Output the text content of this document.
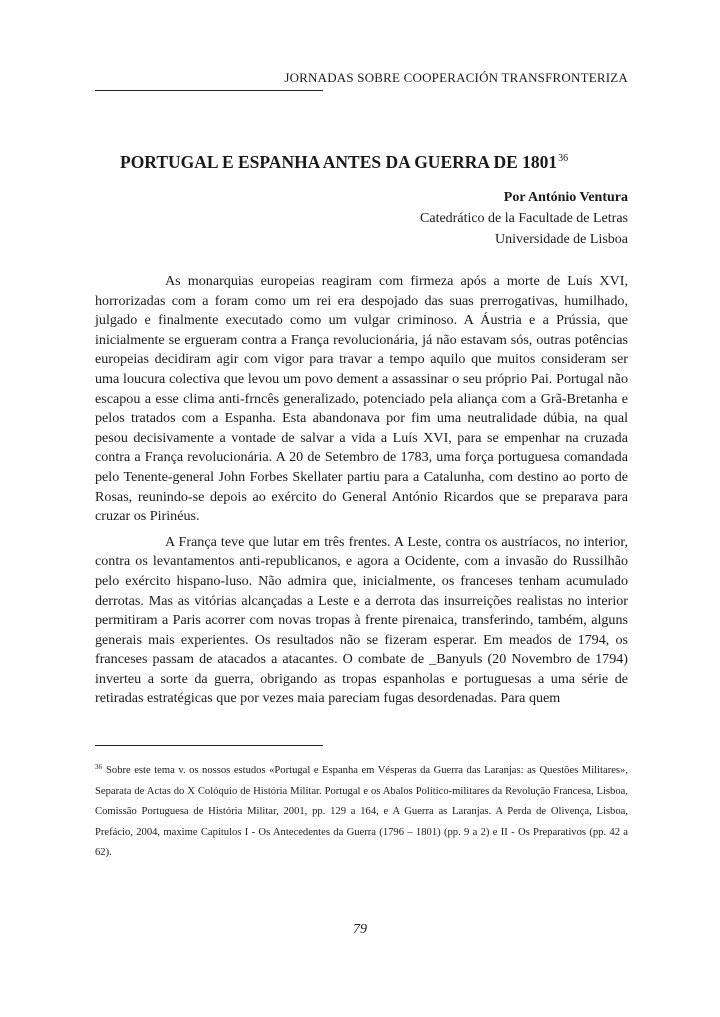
JORNADAS SOBRE COOPERACIÓN TRANSFRONTERIZA
PORTUGAL E ESPANHA ANTES DA GUERRA DE 1801$^{36}$
Por António Ventura
Catedrático de la Facultade de Letras
Universidade de Lisboa

As monarquias europeias reagiram com firmeza após a morte de Luís XVI, horrorizadas com a foram como um rei era despojado das suas prerrogativas, humilhado, julgado e finalmente executado como um vulgar criminoso. A Áustria e a Prússia, que inicialmente se ergueram contra a França revolucionária, já não estavam sós, outras potências europeias decidiram agir com vigor para travar a tempo aquilo que muitos consideram ser uma loucura colectiva que levou um povo dement a assassinar o seu próprio Pai. Portugal não escapou a esse clima anti-frncês generalizado, potenciado pela aliança com a Grã-Bretanha e pelos tratados com a Espanha. Esta abandonava por fim uma neutralidade dúbia, na qual pesou decisivamente a vontade de salvar a vida a Luís XVI, para se empenhar na cruzada contra a França revolucionária. A 20 de Setembro de 1783, uma força portuguesa comandada pelo Tenente-general John Forbes Skellater partiu para a Catalunha, com destino ao porto de Rosas, reunindo-se depois ao exército do General António Ricardos que se preparava para cruzar os Pirinéus.

A França teve que lutar em três frentes. A Leste, contra os austríacos, no interior, contra os levantamentos anti-republicanos, e agora a Ocidente, com a invasão do Russilhão pelo exército hispano-luso. Não admira que, inicialmente, os franceses tenham acumulado derrotas. Mas as vitórias alcançadas a Leste e a derrota das insurreições realistas no interior permitiram a Paris acorrer com novas tropas à frente pirenaica, transferindo, também, alguns generais mais experientes. Os resultados não se fizeram esperar. Em meados de 1794, os franceses passam de atacados a atacantes. O combate de _Banyuls (20 Novembro de 1794) inverteu a sorte da guerra, obrigando as tropas espanholas e portuguesas a uma série de retiradas estratégicas que por vezes maia pareciam fugas desordenadas. Para quem

$^{36}$ Sobre este tema v. os nossos estudos «Portugal e Espanha em Vésperas da Guerra das Laranjas: as Questões Militares», Separata de Actas do X Colóquio de História Militar. Portugal e os Abalos Político-militares da Revolução Francesa, Lisboa, Comissão Portuguesa de História Militar, 2001, pp. 129 a 164, e A Guerra as Laranjas. A Perda de Olivença, Lisboa, Prefácio, 2004, maxime Capítulos I - Os Antecedentes da Guerra (1796 – 1801) (pp. 9 a 2) e II - Os Preparativos (pp. 42 a 62).
79
